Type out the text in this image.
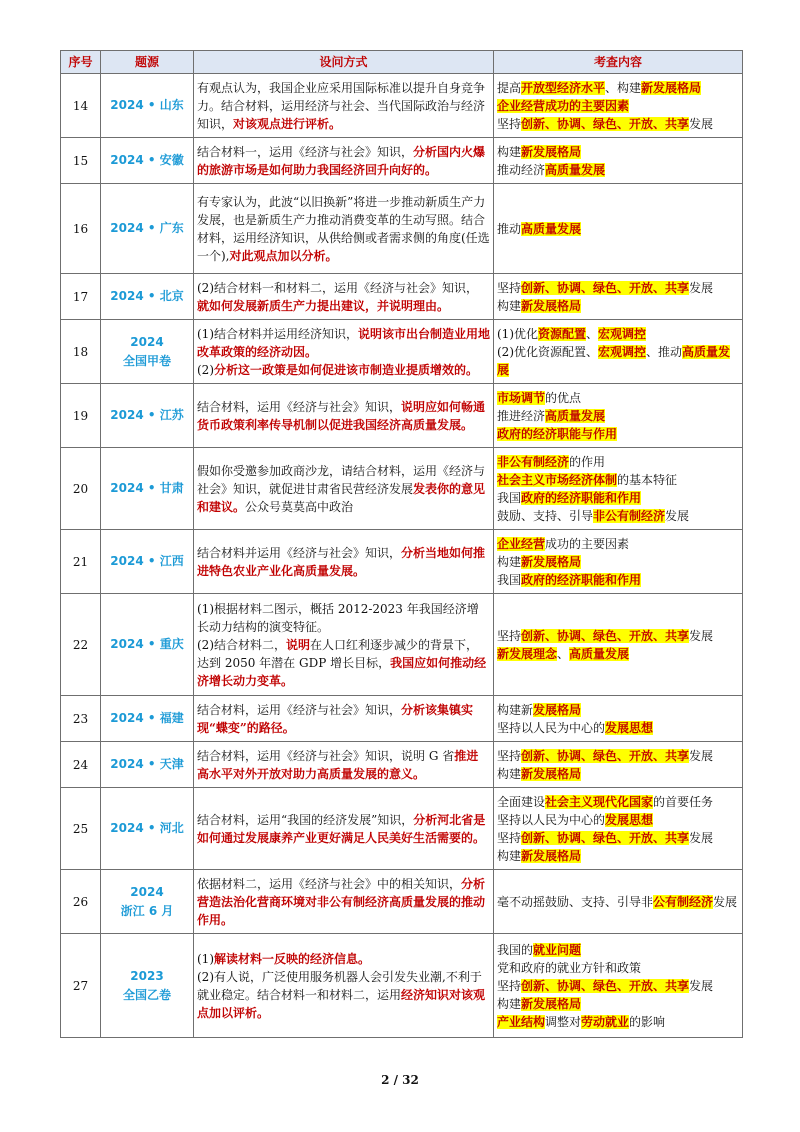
序号	题源	设问方式	考查内容
14	2024 • 山东	有观点认为，我国企业应采用国际标准以提升自身竞争力。结合材料，运用经济与社会、当代国际政治与经济知识，对该观点进行评析。	提高开放型经济水平、构建新发展格局
企业经营成功的主要因素
坚持创新、协调、绿色、开放、共享发展

15	2024 • 安徽	结合材料一，运用《经济与社会》知识，分析国内火爆的旅游市场是如何助力我国经济回升向好的。	构建新发展格局
推动经济高质量发展

16	2024 • 广东	有专家认为，此波“以旧换新”将进一步推动新质生产力发展，也是新质生产力推动消费变革的生动写照。结合材料，运用经济知识，从供给侧或者需求侧的角度(任选一个),对此观点加以分析。	推动高质量发展

17	2024 • 北京	(2)结合材料一和材料二，运用《经济与社会》知识，就如何发展新质生产力提出建议，并说明理由。	坚持创新、协调、绿色、开放、共享发展
构建新发展格局

18	2024
全国甲卷	(1)结合材料并运用经济知识，说明该市出台制造业用地改革政策的经济动因。
(2)分析这一政策是如何促进该市制造业提质增效的。	(1)优化资源配置、宏观调控
(2)优化资源配置、宏观调控、推动高质量发展

19	2024 • 江苏	结合材料，运用《经济与社会》知识，说明应如何畅通货币政策利率传导机制以促进我国经济高质量发展。	市场调节的优点
推进经济高质量发展
政府的经济职能与作用

20	2024 • 甘肃	假如你受邀参加政商沙龙，请结合材料，运用《经济与社会》知识，就促进甘肃省民营经济发展发表你的意见和建议。公众号莫莫高中政治	非公有制经济的作用
社会主义市场经济体制的基本特征
我国政府的经济职能和作用
鼓励、支持、引导非公有制经济发展

21	2024 • 江西	结合材料并运用《经济与社会》知识，分析当地如何推进特色农业产业化高质量发展。	企业经营成功的主要因素
构建新发展格局
我国政府的经济职能和作用

22	2024 • 重庆	(1)根据材料二图示，概括 2012-2023 年我国经济增长动力结构的演变特征。
(2)结合材料二，说明在人口红利逐步减少的背景下，达到 2050 年潜在 GDP 增长目标，我国应如何推动经济增长动力变革。	坚持创新、协调、绿色、开放、共享发展
新发展理念、高质量发展

23	2024 • 福建	结合材料，运用《经济与社会》知识，分析该集镇实现“蝶变”的路径。	构建新发展格局
坚持以人民为中心的发展思想

24	2024 • 天津	结合材料，运用《经济与社会》知识，说明 G 省推进高水平对外开放对助力高质量发展的意义。	坚持创新、协调、绿色、开放、共享发展
构建新发展格局

25	2024 • 河北	结合材料，运用“我国的经济发展”知识，分析河北省是如何通过发展康养产业更好满足人民美好生活需要的。	全面建设社会主义现代化国家的首要任务
坚持以人民为中心的发展思想
坚持创新、协调、绿色、开放、共享发展
构建新发展格局

26	2024
浙江 6 月	依据材料二，运用《经济与社会》中的相关知识，分析营造法治化营商环境对非公有制经济高质量发展的推动作用。	毫不动摇鼓励、支持、引导非公有制经济发展

27	2023
全国乙卷	(1)解读材料一反映的经济信息。
(2)有人说，广泛使用服务机器人会引发失业潮,不利于就业稳定。结合材料一和材料二，运用经济知识对该观点加以评析。	我国的就业问题
党和政府的就业方针和政策
坚持创新、协调、绿色、开放、共享发展
构建新发展格局
产业结构调整对劳动就业的影响
2 / 32
